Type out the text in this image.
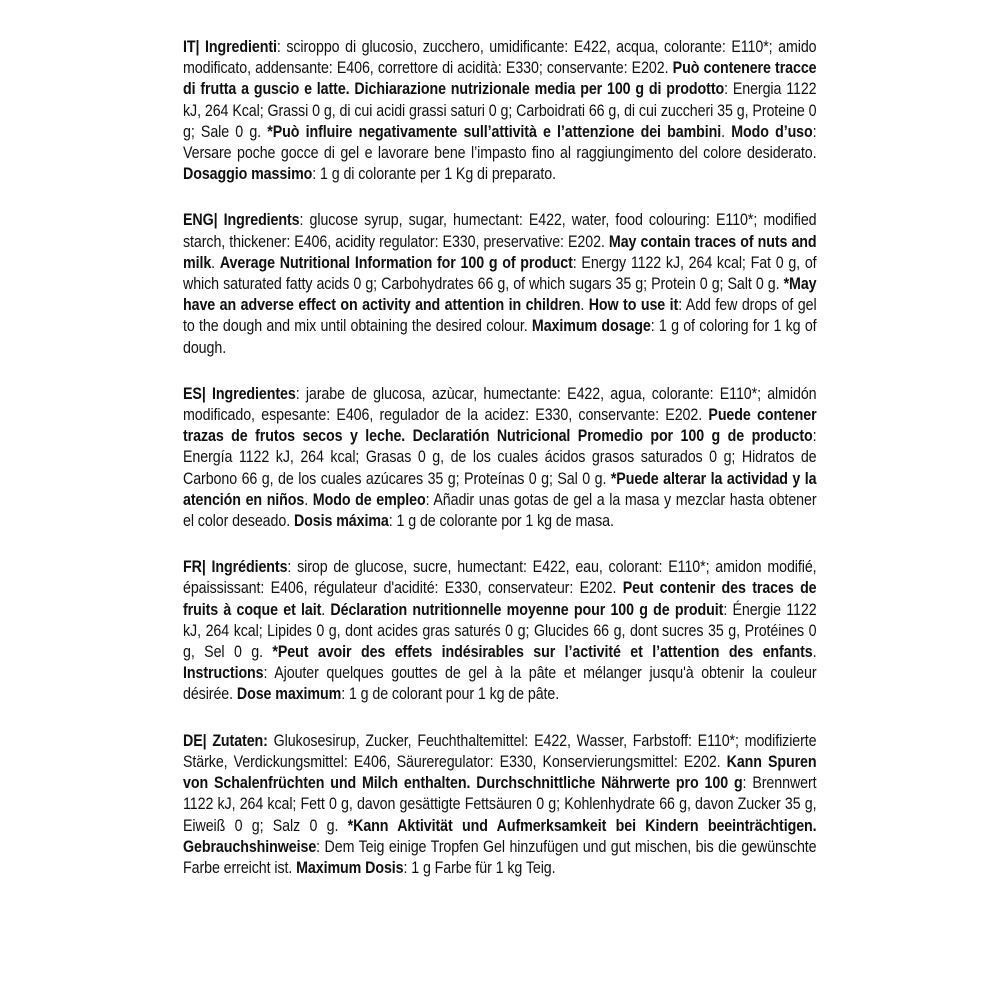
IT| Ingredienti: sciroppo di glucosio, zucchero, umidificante: E422, acqua, colorante: E110*; amido modificato, addensante: E406, correttore di acidità: E330; conservante: E202. Può contenere tracce di frutta a guscio e latte. Dichiarazione nutrizionale media per 100 g di prodotto: Energia 1122 kJ, 264 Kcal; Grassi 0 g, di cui acidi grassi saturi 0 g; Carboidrati 66 g, di cui zuccheri 35 g, Proteine 0 g; Sale 0 g. *Può influire negativamente sull’attività e l’attenzione dei bambini. Modo d’uso: Versare poche gocce di gel e lavorare bene l’impasto fino al raggiungimento del colore desiderato. Dosaggio massimo: 1 g di colorante per 1 Kg di preparato.

ENG| Ingredients: glucose syrup, sugar, humectant: E422, water, food colouring: E110*; modified starch, thickener: E406, acidity regulator: E330, preservative: E202. May contain traces of nuts and milk. Average Nutritional Information for 100 g of product: Energy 1122 kJ, 264 kcal; Fat 0 g, of which saturated fatty acids 0 g; Carbohydrates 66 g, of which sugars 35 g; Protein 0 g; Salt 0 g. *May have an adverse effect on activity and attention in children. How to use it: Add few drops of gel to the dough and mix until obtaining the desired colour. Maximum dosage: 1 g of coloring for 1 kg of dough.

ES| Ingredientes: jarabe de glucosa, azùcar, humectante: E422, agua, colorante: E110*; almidón modificado, espesante: E406, regulador de la acidez: E330, conservante: E202. Puede contener trazas de frutos secos y leche. Declaratión Nutricional Promedio por 100 g de producto: Energía 1122 kJ, 264 kcal; Grasas 0 g, de los cuales ácidos grasos saturados 0 g; Hidratos de Carbono 66 g, de los cuales azúcares 35 g; Proteínas 0 g; Sal 0 g. *Puede alterar la actividad y la atención en niños. Modo de empleo: Añadir unas gotas de gel a la masa y mezclar hasta obtener el color deseado. Dosis máxima: 1 g de colorante por 1 kg de masa.

FR| Ingrédients: sirop de glucose, sucre, humectant: E422, eau, colorant: E110*; amidon modifié, épaississant: E406, régulateur d'acidité: E330, conservateur: E202. Peut contenir des traces de fruits à coque et lait. Déclaration nutritionnelle moyenne pour 100 g de produit: Énergie 1122 kJ, 264 kcal; Lipides 0 g, dont acides gras saturés 0 g; Glucides 66 g, dont sucres 35 g, Protéines 0 g, Sel 0 g. *Peut avoir des effets indésirables sur l’activité et l’attention des enfants. Instructions: Ajouter quelques gouttes de gel à la pâte et mélanger jusqu'à obtenir la couleur désirée. Dose maximum: 1 g de colorant pour 1 kg de pâte.

DE| Zutaten: Glukosesirup, Zucker, Feuchthaltemittel: E422, Wasser, Farbstoff: E110*; modifizierte Stärke, Verdickungsmittel: E406, Säureregulator: E330, Konservierungsmittel: E202. Kann Spuren von Schalenfrüchten und Milch enthalten. Durchschnittliche Nährwerte pro 100 g: Brennwert 1122 kJ, 264 kcal; Fett 0 g, davon gesättigte Fettsäuren 0 g; Kohlenhydrate 66 g, davon Zucker 35 g, Eiweiß 0 g; Salz 0 g. *Kann Aktivität und Aufmerksamkeit bei Kindern beeinträchtigen. Gebrauchshinweise: Dem Teig einige Tropfen Gel hinzufügen und gut mischen, bis die gewünschte Farbe erreicht ist. Maximum Dosis: 1 g Farbe für 1 kg Teig.
